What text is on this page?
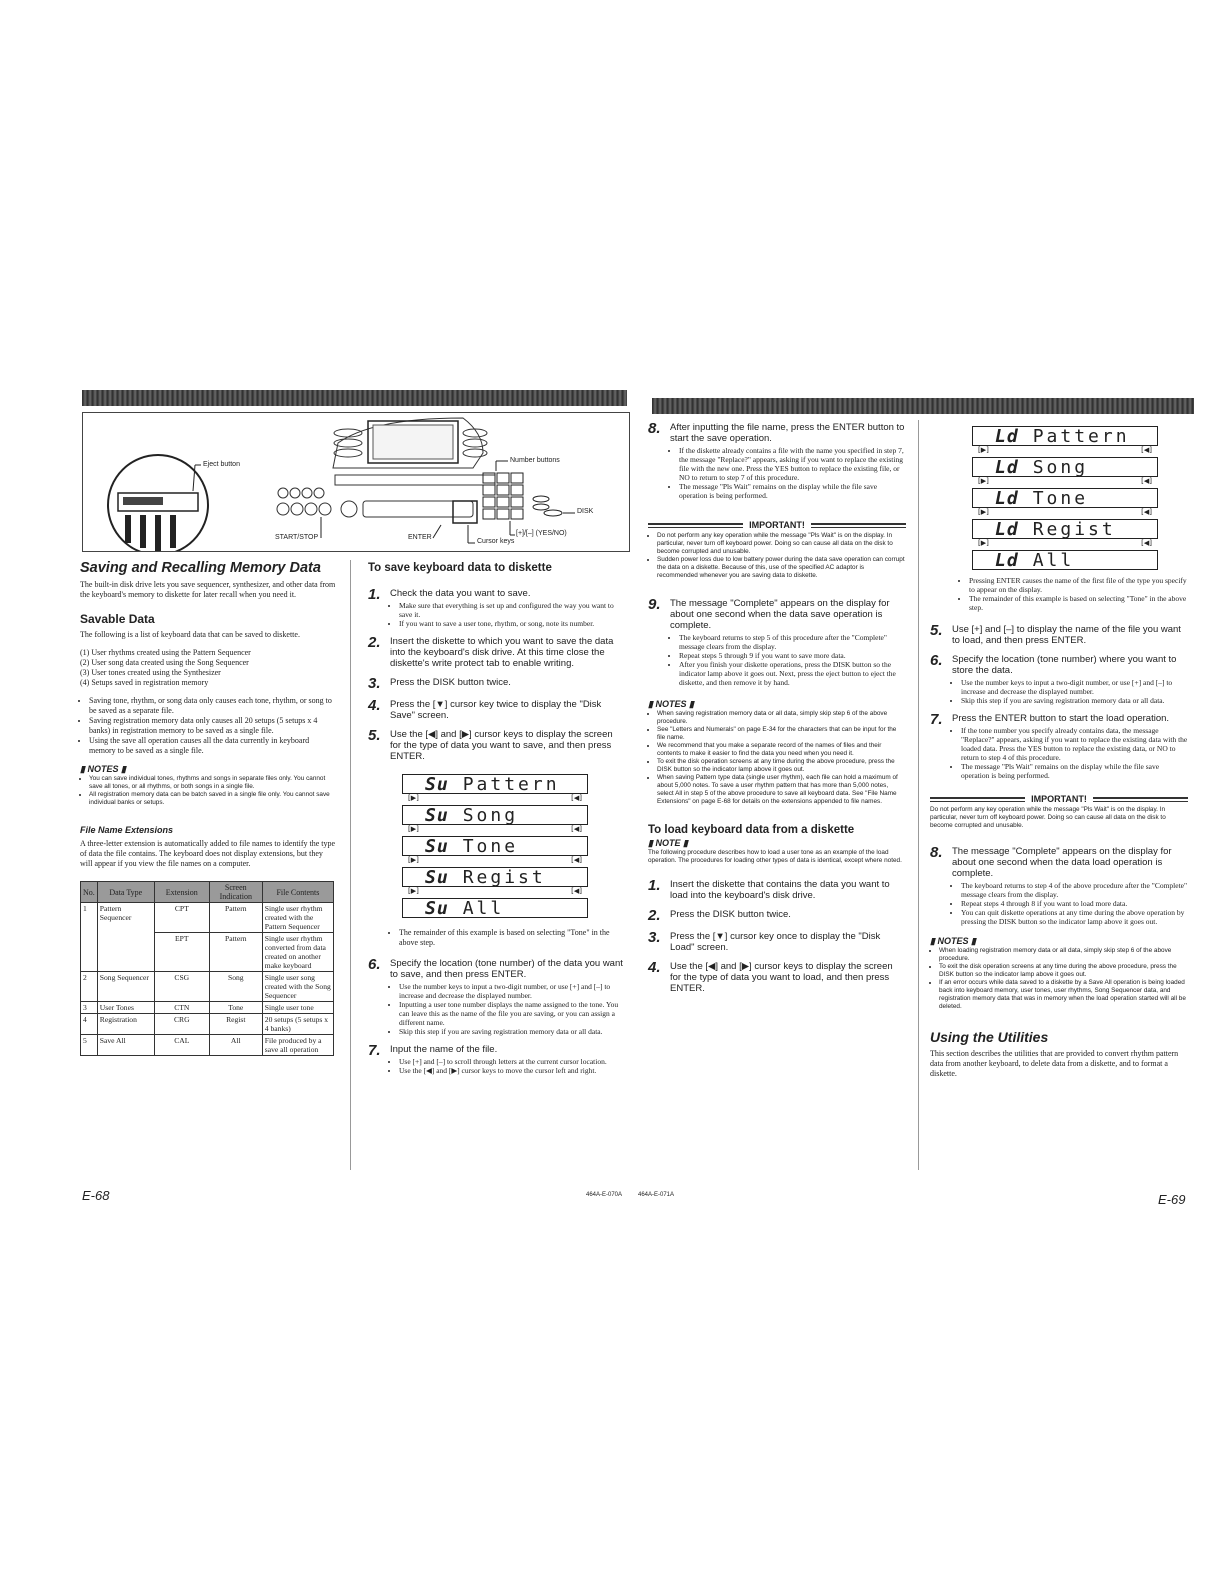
Eject button
Number buttons
DISK
[+]/[–] (YES/NO)
START/STOP	ENTER
Cursor keys
Saving and Recalling Memory Data

The built-in disk drive lets you save sequencer, synthesizer, and other data from the keyboard's memory to diskette for later recall when you need it.

Savable Data

The following is a list of keyboard data that can be saved to diskette.

(1) User rhythms created using the Pattern Sequencer
(2) User song data created using the Song Sequencer
(3) User tones created using the Synthesizer
(4) Setups saved in registration memory
• Saving tone, rhythm, or song data only causes each tone, rhythm, or song to be saved as a separate file.
• Saving registration memory data only causes all 20 setups (5 setups x 4 banks) in registration memory to be saved as a single file.
• Using the save all operation causes all the data currently in keyboard memory to be saved as a single file.
▮ NOTES ▮
• You can save individual tones, rhythms and songs in separate files only. You cannot save all tones, or all rhythms, or both songs in a single file.
• All registration memory data can be batch saved in a single file only. You cannot save individual banks or setups.
File Name Extensions

A three-letter extension is automatically added to file names to identify the type of data the file contains. The keyboard does not display extensions, but they will appear if you view the file names on a computer.

No.	Data Type	Extension	Screen Indication	File Contents
1	Pattern Sequencer	CPT	Pattern	Single user rhythm created with the Pattern Sequencer
		EPT	Pattern	Single user rhythm converted from data created on another make keyboard
2	Song Sequencer	CSG	Song	Single user song created with the Song Sequencer
3	User Tones	CTN	Tone	Single user tone
4	Registration	CRG	Regist	20 setups (5 setups x 4 banks)
5	Save All	CAL	All	File produced by a save all operation
To save keyboard data to diskette
1. Check the data you want to save.
• Make sure that everything is set up and configured the way you want to save it.
• If you want to save a user tone, rhythm, or song, note its number.
2. Insert the diskette to which you want to save the data into the keyboard's disk drive. At this time close the diskette's write protect tab to enable writing.
3. Press the DISK button twice.
4. Press the [▼] cursor key twice to display the "Disk Save" screen.
5. Use the [◀] and [▶] cursor keys to display the screen for the type of data you want to save, and then press ENTER.
Su Pattern
[▶]	[◀]
Su Song
[▶]	[◀]
Su Tone
[▶]	[◀]
Su Regist
[▶]	[◀]
Su All
• The remainder of this example is based on selecting "Tone" in the above step.
6. Specify the location (tone number) of the data you want to save, and then press ENTER.
• Use the number keys to input a two-digit number, or use [+] and [–] to increase and decrease the displayed number.
• Inputting a user tone number displays the name assigned to the tone. You can leave this as the name of the file you are saving, or you can assign a different name.
• Skip this step if you are saving registration memory data or all data.
7. Input the name of the file.
• Use [+] and [–] to scroll through letters at the current cursor location.
• Use the [◀] and [▶] cursor keys to move the cursor left and right.
E-68	464A-E-070A
8. After inputting the file name, press the ENTER button to start the save operation.
• If the diskette already contains a file with the name you specified in step 7, the message "Replace?" appears, asking if you want to replace the existing file with the new one. Press the YES button to replace the existing file, or NO to return to step 7 of this procedure.
• The message "Pls Wait" remains on the display while the file save operation is being performed.
IMPORTANT!
• Do not perform any key operation while the message "Pls Wait" is on the display. In particular, never turn off keyboard power. Doing so can cause all data on the disk to become corrupted and unusable.
• Sudden power loss due to low battery power during the data save operation can corrupt the data on a diskette. Because of this, use of the specified AC adaptor is recommended whenever you are saving data to diskette.
9. The message "Complete" appears on the display for about one second when the data save operation is complete.
• The keyboard returns to step 5 of this procedure after the "Complete" message clears from the display.
• Repeat steps 5 through 9 if you want to save more data.
• After you finish your diskette operations, press the DISK button so the indicator lamp above it goes out. Next, press the eject button to eject the diskette, and then remove it by hand.
▮ NOTES ▮
• When saving registration memory data or all data, simply skip step 6 of the above procedure.
• See "Letters and Numerals" on page E-34 for the characters that can be input for the file name.
• We recommend that you make a separate record of the names of files and their contents to make it easier to find the data you need when you need it.
• To exit the disk operation screens at any time during the above procedure, press the DISK button so the indicator lamp above it goes out.
• When saving Pattern type data (single user rhythm), each file can hold a maximum of about 5,000 notes. To save a user rhythm pattern that has more than 5,000 notes, select All in step 5 of the above procedure to save all keyboard data. See "File Name Extensions" on page E-68 for details on the extensions appended to file names.
To load keyboard data from a diskette
▮ NOTE ▮

The following procedure describes how to load a user tone as an example of the load operation. The procedures for loading other types of data is identical, except where noted.

1. Insert the diskette that contains the data you want to load into the keyboard's disk drive.
2. Press the DISK button twice.
3. Press the [▼] cursor key once to display the "Disk Load" screen.
4. Use the [◀] and [▶] cursor keys to display the screen for the type of data you want to load, and then press ENTER.
Ld Pattern
[▶]	[◀]
Ld Song
[▶]	[◀]
Ld Tone
[▶]	[◀]
Ld Regist
[▶]	[◀]
Ld All
• Pressing ENTER causes the name of the first file of the type you specify to appear on the display.
• The remainder of this example is based on selecting "Tone" in the above step.
5. Use [+] and [–] to display the name of the file you want to load, and then press ENTER.
6. Specify the location (tone number) where you want to store the data.
• Use the number keys to input a two-digit number, or use [+] and [–] to increase and decrease the displayed number.
• Skip this step if you are saving registration memory data or all data.
7. Press the ENTER button to start the load operation.
• If the tone number you specify already contains data, the message "Replace?" appears, asking if you want to replace the existing data with the loaded data. Press the YES button to replace the existing data, or NO to return to step 4 of this procedure.
• The message "Pls Wait" remains on the display while the file save operation is being performed.
IMPORTANT!

Do not perform any key operation while the message "Pls Wait" is on the display. In particular, never turn off keyboard power. Doing so can cause all data on the disk to become corrupted and unusable.

8. The message "Complete" appears on the display for about one second when the data load operation is complete.
• The keyboard returns to step 4 of the above procedure after the "Complete" message clears from the display.
• Repeat steps 4 through 8 if you want to load more data.
• You can quit diskette operations at any time during the above operation by pressing the DISK button so the indicator lamp above it goes out.
▮ NOTES ▮
• When loading registration memory data or all data, simply skip step 6 of the above procedure.
• To exit the disk operation screens at any time during the above procedure, press the DISK button so the indicator lamp above it goes out.
• If an error occurs while data saved to a diskette by a Save All operation is being loaded back into keyboard memory, user tones, user rhythms, Song Sequencer data, and registration memory data that was in memory when the load operation started will all be deleted.
Using the Utilities

This section describes the utilities that are provided to convert rhythm pattern data from another keyboard, to delete data from a diskette, and to format a diskette.

464A-E-071A	E-69
